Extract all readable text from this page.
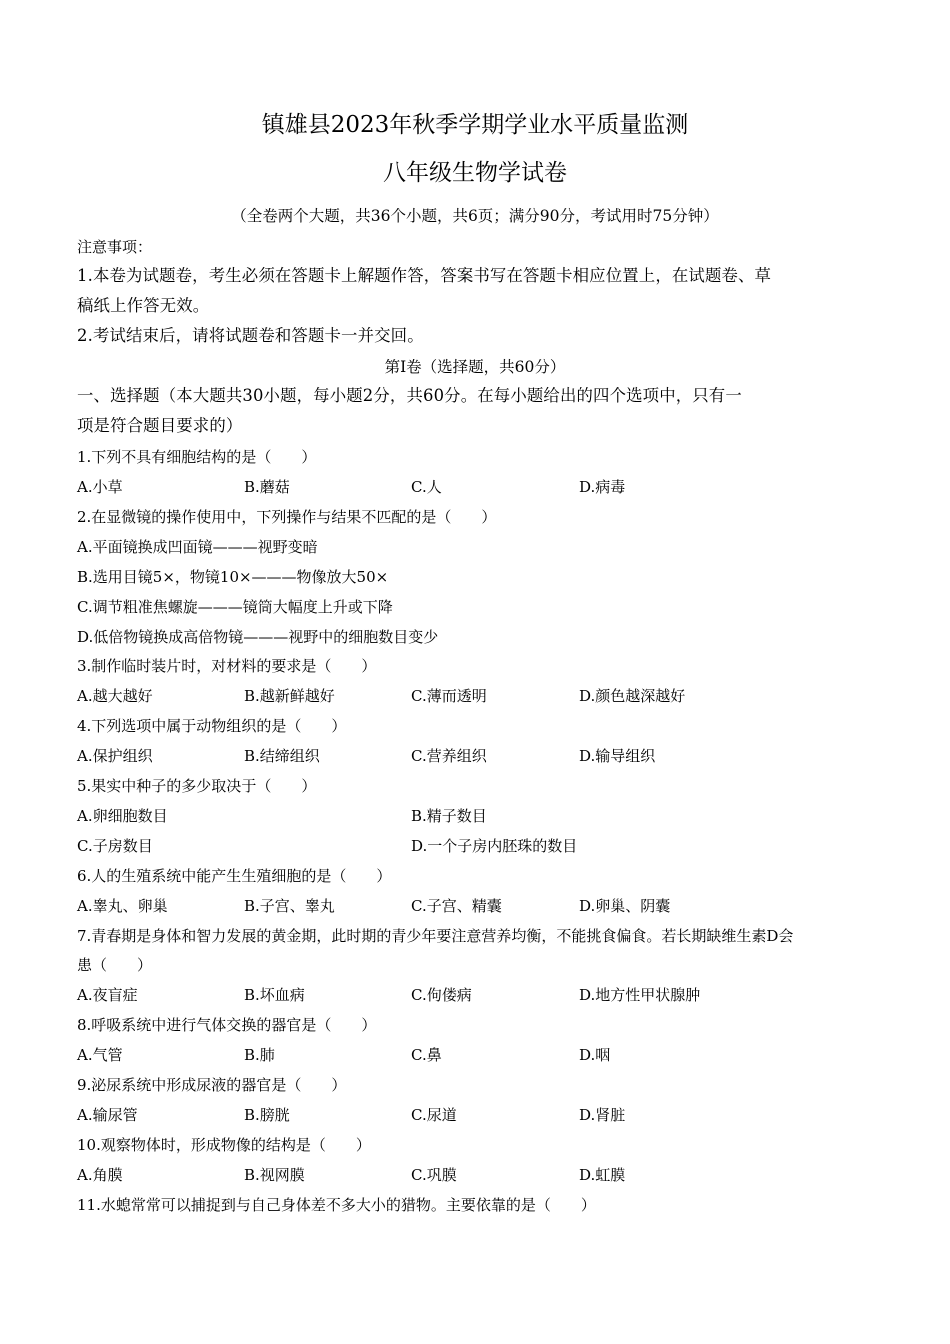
镇雄县2023年秋季学期学业水平质量监测
八年级生物学试卷
（全卷两个大题，共36个小题，共6页；满分90分，考试用时75分钟）
注意事项：
1.本卷为试题卷，考生必须在答题卡上解题作答，答案书写在答题卡相应位置上，在试题卷、草
稿纸上作答无效。
2.考试结束后，请将试题卷和答题卡一并交回。
第Ⅰ卷（选择题，共60分）
一、选择题（本大题共30小题，每小题2分，共60分。在每小题给出的四个选项中，只有一
项是符合题目要求的）
1.下列不具有细胞结构的是（　　）
A.小草	B.蘑菇	C.人	D.病毒
2.在显微镜的操作使用中，下列操作与结果不匹配的是（　　）
A.平面镜换成凹面镜———视野变暗
B.选用目镜5×，物镜10×———物像放大50×
C.调节粗准焦螺旋———镜筒大幅度上升或下降
D.低倍物镜换成高倍物镜———视野中的细胞数目变少
3.制作临时装片时，对材料的要求是（　　）
A.越大越好	B.越新鲜越好	C.薄而透明	D.颜色越深越好
4.下列选项中属于动物组织的是（　　）
A.保护组织	B.结缔组织	C.营养组织	D.输导组织
5.果实中种子的多少取决于（　　）
A.卵细胞数目	B.精子数目
C.子房数目	D.一个子房内胚珠的数目
6.人的生殖系统中能产生生殖细胞的是（　　）
A.睾丸、卵巢	B.子宫、睾丸	C.子宫、精囊	D.卵巢、阴囊
7.青春期是身体和智力发展的黄金期，此时期的青少年要注意营养均衡，不能挑食偏食。若长期缺维生素D会
患（　　）
A.夜盲症	B.坏血病	C.佝偻病	D.地方性甲状腺肿
8.呼吸系统中进行气体交换的器官是（　　）
A.气管	B.肺	C.鼻	D.咽
9.泌尿系统中形成尿液的器官是（　　）
A.输尿管	B.膀胱	C.尿道	D.肾脏
10.观察物体时，形成物像的结构是（　　）
A.角膜	B.视网膜	C.巩膜	D.虹膜
11.水螅常常可以捕捉到与自己身体差不多大小的猎物。主要依靠的是（　　）
